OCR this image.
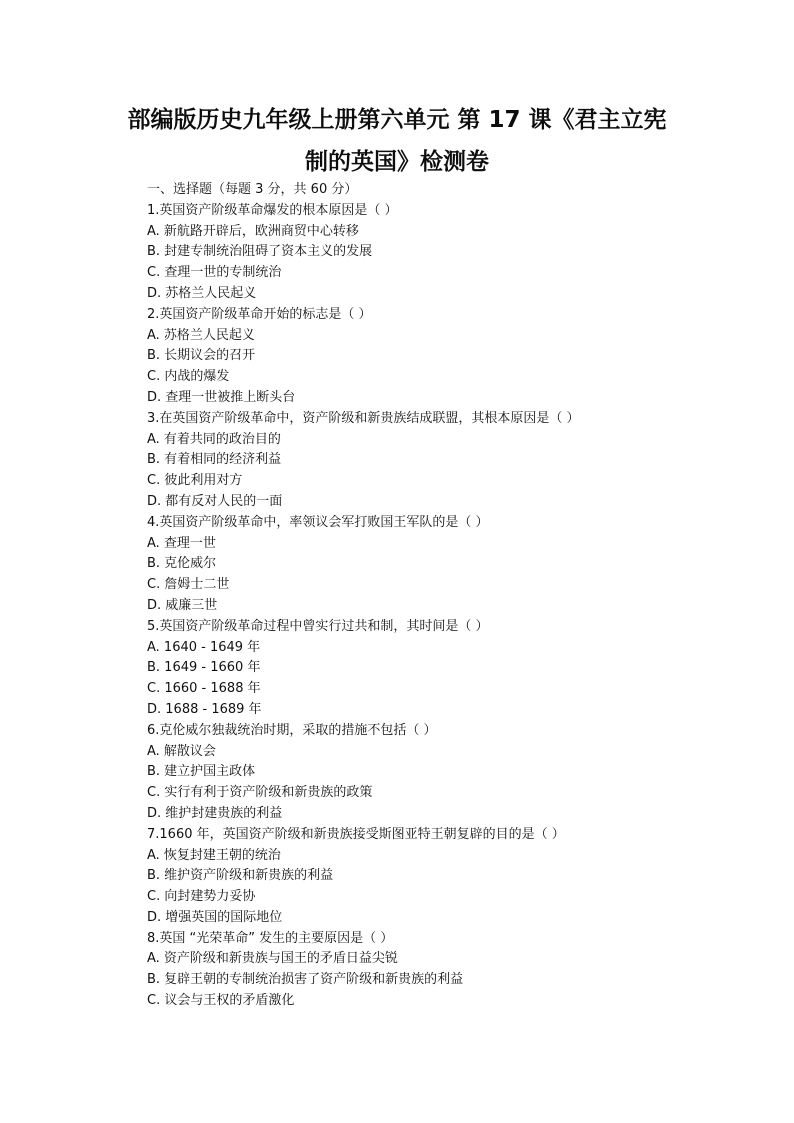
部编版历史九年级上册第六单元 第 17 课《君主立宪
制的英国》检测卷
一、选择题（每题 3 分，共 60 分）
1.英国资产阶级革命爆发的根本原因是（ ）
A. 新航路开辟后，欧洲商贸中心转移
B. 封建专制统治阻碍了资本主义的发展
C. 查理一世的专制统治
D. 苏格兰人民起义
2.英国资产阶级革命开始的标志是（ ）
A. 苏格兰人民起义
B. 长期议会的召开
C. 内战的爆发
D. 查理一世被推上断头台
3.在英国资产阶级革命中，资产阶级和新贵族结成联盟，其根本原因是（ ）
A. 有着共同的政治目的
B. 有着相同的经济利益
C. 彼此利用对方
D. 都有反对人民的一面
4.英国资产阶级革命中，率领议会军打败国王军队的是（ ）
A. 查理一世
B. 克伦威尔
C. 詹姆士二世
D. 威廉三世
5.英国资产阶级革命过程中曾实行过共和制，其时间是（ ）
A. 1640 - 1649 年
B. 1649 - 1660 年
C. 1660 - 1688 年
D. 1688 - 1689 年
6.克伦威尔独裁统治时期，采取的措施不包括（ ）
A. 解散议会
B. 建立护国主政体
C. 实行有利于资产阶级和新贵族的政策
D. 维护封建贵族的利益
7.1660 年，英国资产阶级和新贵族接受斯图亚特王朝复辟的目的是（ ）
A. 恢复封建王朝的统治
B. 维护资产阶级和新贵族的利益
C. 向封建势力妥协
D. 增强英国的国际地位
8.英国 “光荣革命” 发生的主要原因是（ ）
A. 资产阶级和新贵族与国王的矛盾日益尖锐
B. 复辟王朝的专制统治损害了资产阶级和新贵族的利益
C. 议会与王权的矛盾激化
